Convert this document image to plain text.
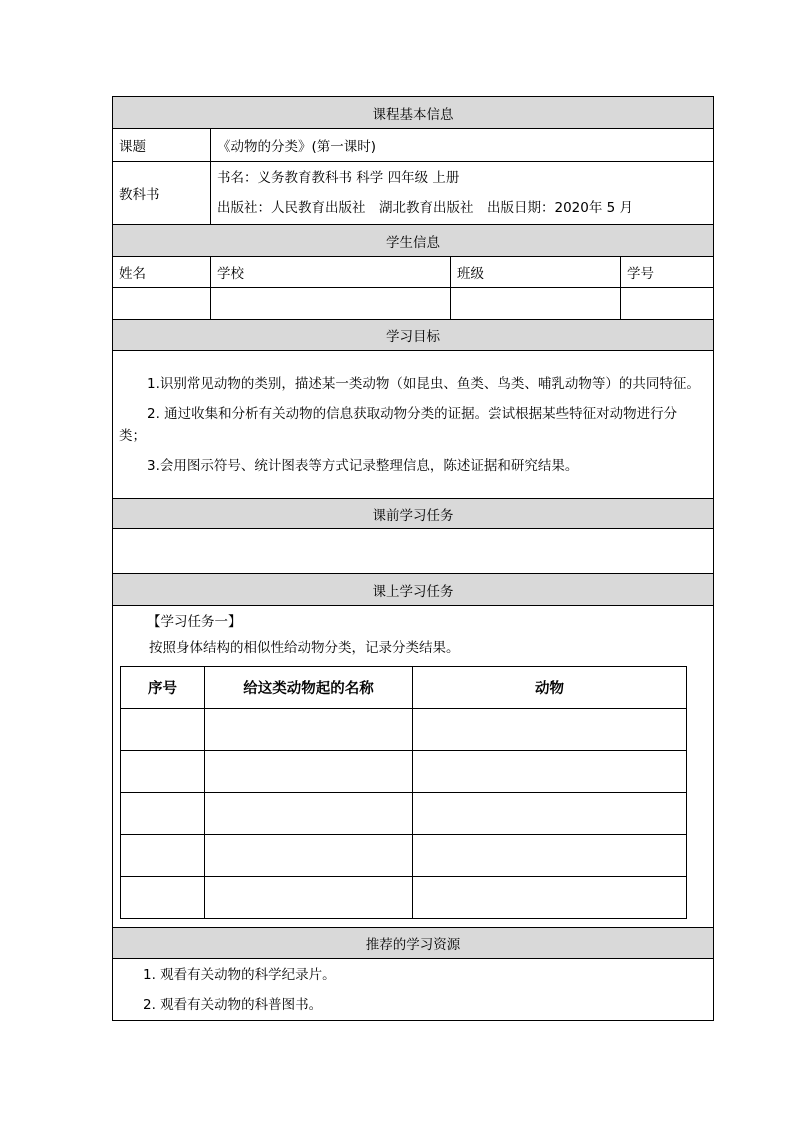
课程基本信息
课题	《动物的分类》(第一课时)
教科书	
书名：义务教育教科书 科学 四年级 上册
出版社：人民教育出版社　湖北教育出版社　出版日期：2020年 5 月

学生信息
姓名	学校	班级	学号

学习目标

1.识别常见动物的类别，描述某一类动物（如昆虫、鱼类、鸟类、哺乳动物等）的共同特征。

2. 通过收集和分析有关动物的信息获取动物分类的证据。尝试根据某些特征对动物进行分类；

3.会用图示符号、统计图表等方式记录整理信息，陈述证据和研究结果。

课前学习任务

课上学习任务

【学习任务一】
按照身体结构的相似性给动物分类，记录分类结果。
序号	给这类动物起的名称	动物

推荐的学习资源

1. 观看有关动物的科学纪录片。

2. 观看有关动物的科普图书。
